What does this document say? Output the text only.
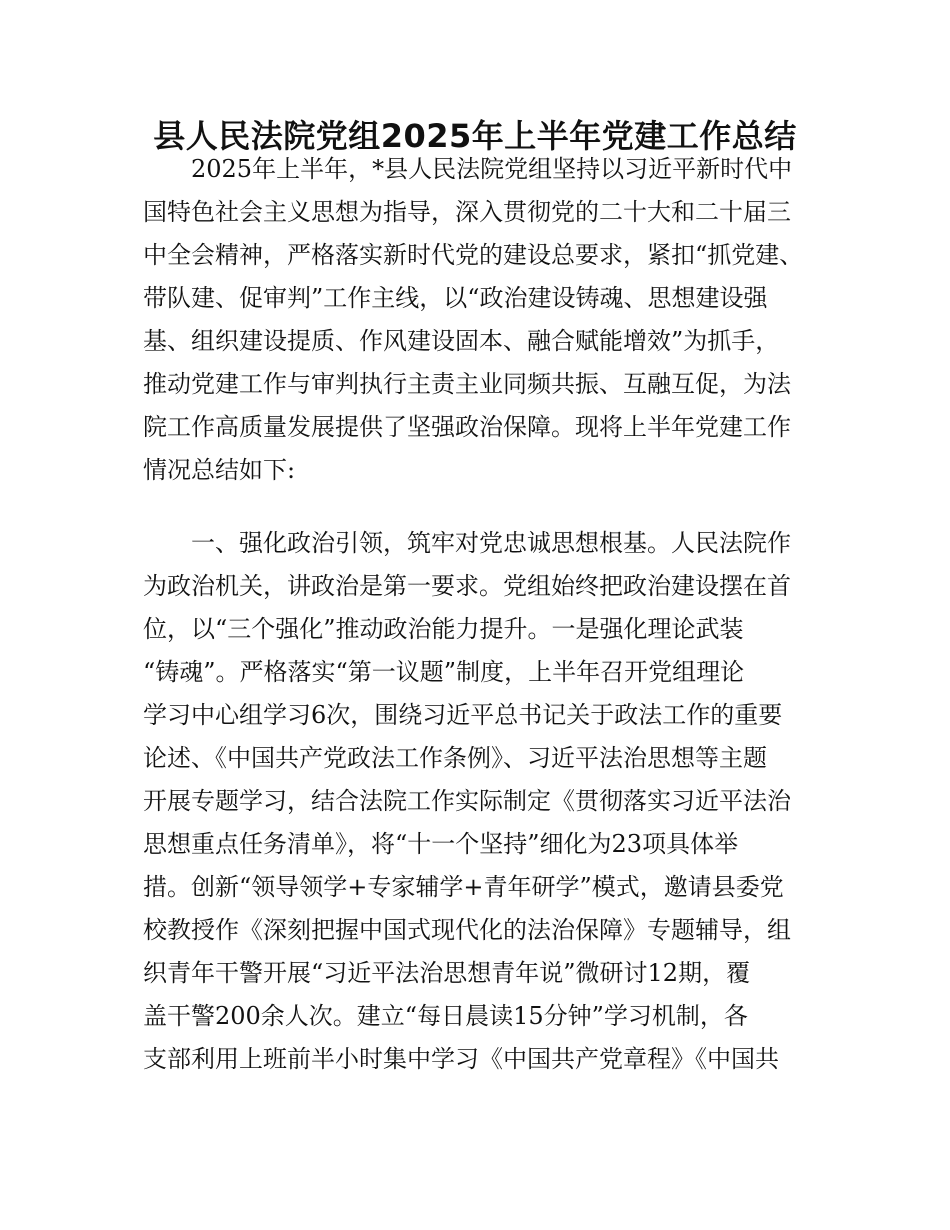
县人民法院党组2025年上半年党建工作总结
2025年上半年，*县人民法院党组坚持以习近平新时代中
国特色社会主义思想为指导，深入贯彻党的二十大和二十届三
中全会精神，严格落实新时代党的建设总要求，紧扣“抓党建、
带队建、促审判”工作主线，以“政治建设铸魂、思想建设强
基、组织建设提质、作风建设固本、融合赋能增效”为抓手，
推动党建工作与审判执行主责主业同频共振、互融互促，为法
院工作高质量发展提供了坚强政治保障。现将上半年党建工作
情况总结如下:
一、强化政治引领，筑牢对党忠诚思想根基。人民法院作
为政治机关，讲政治是第一要求。党组始终把政治建设摆在首
位，以“三个强化”推动政治能力提升。一是强化理论武装
“铸魂”。严格落实“第一议题”制度，上半年召开党组理论
学习中心组学习6次，围绕习近平总书记关于政法工作的重要
论述、《中国共产党政法工作条例》、习近平法治思想等主题
开展专题学习，结合法院工作实际制定《贯彻落实习近平法治
思想重点任务清单》，将“十一个坚持”细化为23项具体举
措。创新“领导领学+专家辅学+青年研学”模式，邀请县委党
校教授作《深刻把握中国式现代化的法治保障》专题辅导，组
织青年干警开展“习近平法治思想青年说”微研讨12期，覆
盖干警200余人次。建立“每日晨读15分钟”学习机制，各
支部利用上班前半小时集中学习《中国共产党章程》《中国共
